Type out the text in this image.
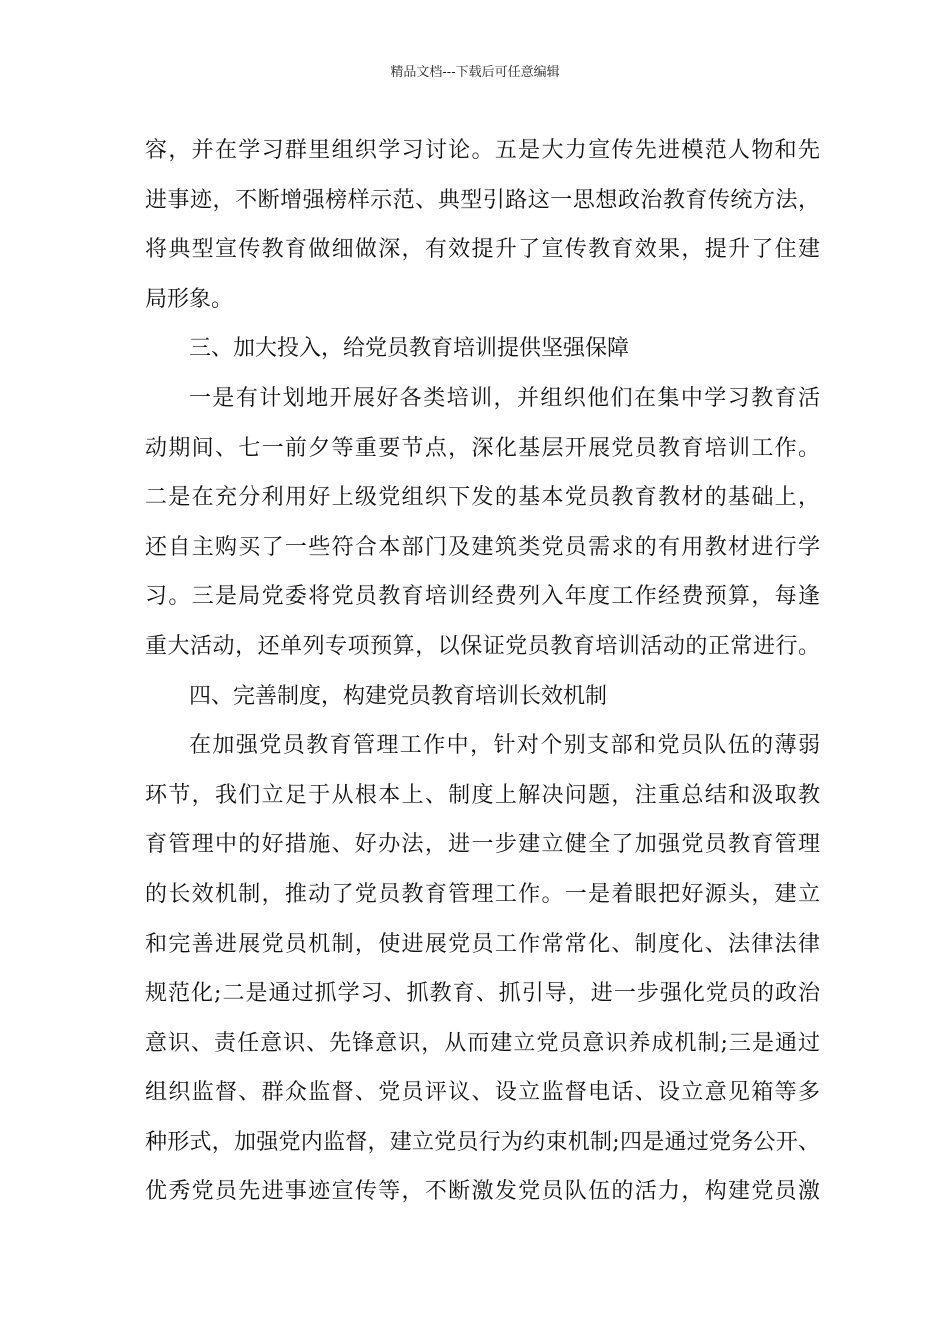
精品文档---下载后可任意编辑
容，并在学习群里组织学习讨论。五是大力宣传先进模范人物和先
进事迹，不断增强榜样示范、典型引路这一思想政治教育传统方法，
将典型宣传教育做细做深，有效提升了宣传教育效果，提升了住建
局形象。
三、加大投入，给党员教育培训提供坚强保障
一是有计划地开展好各类培训，并组织他们在集中学习教育活
动期间、七一前夕等重要节点，深化基层开展党员教育培训工作。
二是在充分利用好上级党组织下发的基本党员教育教材的基础上，
还自主购买了一些符合本部门及建筑类党员需求的有用教材进行学
习。三是局党委将党员教育培训经费列入年度工作经费预算，每逢
重大活动，还单列专项预算，以保证党员教育培训活动的正常进行。
四、完善制度，构建党员教育培训长效机制
在加强党员教育管理工作中，针对个别支部和党员队伍的薄弱
环节，我们立足于从根本上、制度上解决问题，注重总结和汲取教
育管理中的好措施、好办法，进一步建立健全了加强党员教育管理
的长效机制，推动了党员教育管理工作。一是着眼把好源头，建立
和完善进展党员机制，使进展党员工作常常化、制度化、法律法律
规范化;二是通过抓学习、抓教育、抓引导，进一步强化党员的政治
意识、责任意识、先锋意识，从而建立党员意识养成机制;三是通过
组织监督、群众监督、党员评议、设立监督电话、设立意见箱等多
种形式，加强党内监督，建立党员行为约束机制;四是通过党务公开、
优秀党员先进事迹宣传等，不断激发党员队伍的活力，构建党员激
